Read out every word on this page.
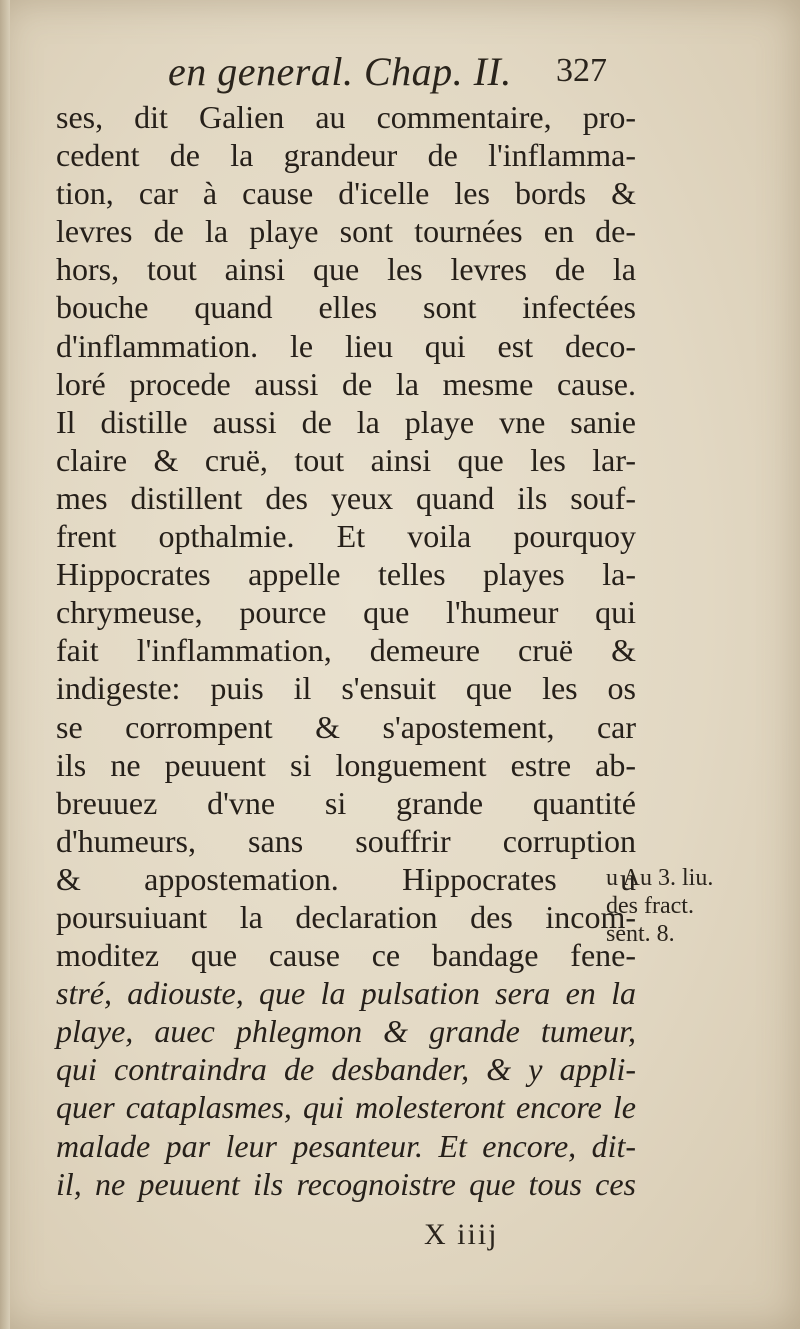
en general. Chap. II. 327
ses, dit Galien au commentaire, pro-
cedent de la grandeur de l'inflamma-
tion, car à cause d'icelle les bords &
levres de la playe sont tournées en de-
hors, tout ainsi que les levres de la
bouche quand elles sont infectées
d'inflammation. le lieu qui est deco-
loré procede aussi de la mesme cause.
Il distille aussi de la playe vne sanie
claire & cruë, tout ainsi que les lar-
mes distillent des yeux quand ils souf-
frent opthalmie. Et voila pourquoy
Hippocrates appelle telles playes la-
chrymeuse, pource que l'humeur qui
fait l'inflammation, demeure cruë &
indigeste: puis il s'ensuit que les os
se corrompent & s'apostement, car
ils ne peuuent si longuement estre ab-
breuuez d'vne si grande quantité
d'humeurs, sans souffrir corruption
& appostemation. Hippocrates u
poursuiuant la declaration des incom-
moditez que cause ce bandage fene-
stré, adiouste, que la pulsation sera en la
playe, auec phlegmon & grande tumeur,
qui contraindra de desbander, & y appli-
quer cataplasmes, qui molesteront encore le
malade par leur pesanteur. Et encore, dit-
il, ne peuuent ils recognoistre que tous ces
u Au 3. liu.
des fract.
sent. 8.
X iiij
